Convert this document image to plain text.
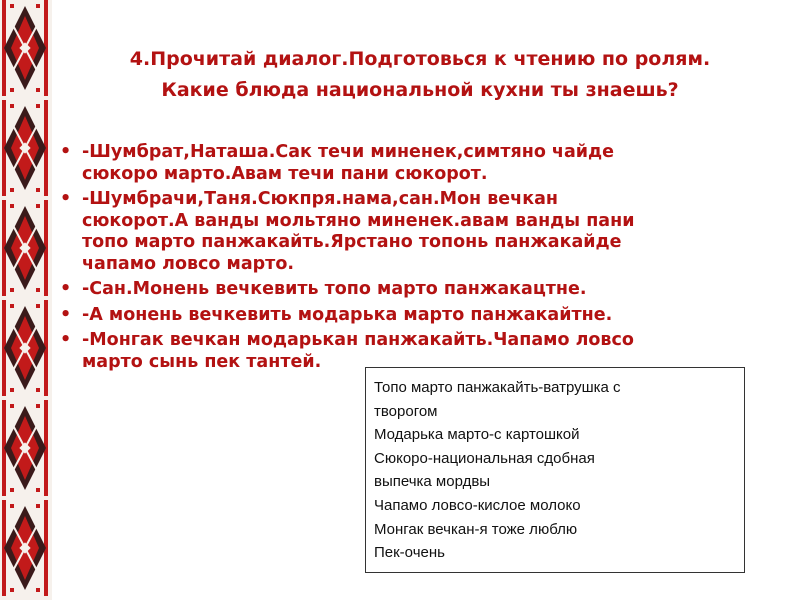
4.Прочитай диалог.Подготовься к чтению по ролям.
Какие блюда национальной кухни ты знаешь?
• -Шумбрат,Наташа.Сак течи миненек,симтяно чайде
сюкоро марто.Авам течи пани сюкорот.
• -Шумбрачи,Таня.Сюкпря.нама,сан.Мон вечкан
сюкорот.А ванды мольтяно миненек.авам ванды пани
топо марто панжакайть.Ярстано топонь панжакайде
чапамо ловсо марто.
• -Сан.Монень вечкевить топо марто панжакацтне.
• -А монень вечкевить модарька марто панжакайтне.
• -Монгак вечкан модарькан панжакайть.Чапамо ловсо
марто сынь пек тантей.
Топо марто панжакайть-ватрушка с
творогом
Модарька марто-с картошкой
Сюкоро-национальная сдобная
выпечка мордвы
Чапамо ловсо-кислое молоко
Монгак вечкан-я тоже люблю
Пек-очень
